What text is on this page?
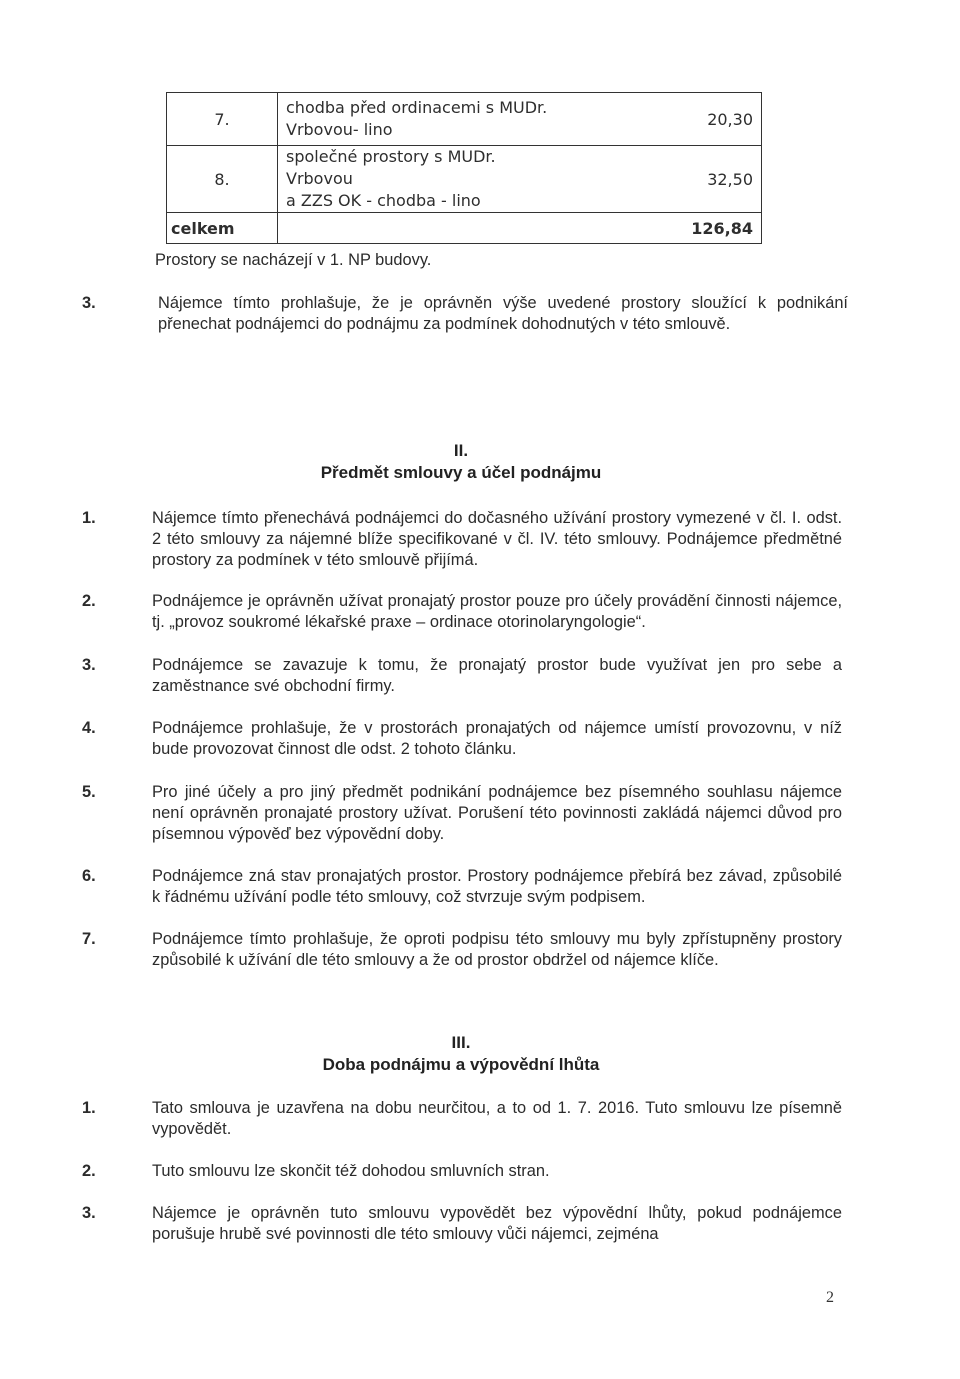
7.	chodba před ordinacemi s MUDr.
Vrbovou- lino	20,30
8.	společné prostory s MUDr. Vrbovou
a ZZS OK - chodba - lino	32,50
celkem		126,84
Prostory se nacházejí v 1. NP budovy.
3.	Nájemce tímto prohlašuje, že je oprávněn výše uvedené prostory sloužící k podnikání přenechat podnájemci do podnájmu za podmínek dohodnutých v této smlouvě.
II.
Předmět smlouvy a účel podnájmu
1.	Nájemce tímto přenechává podnájemci do dočasného užívání prostory vymezené v čl. I. odst. 2 této smlouvy za nájemné blíže specifikované v čl. IV. této smlouvy. Podnájemce předmětné prostory za podmínek v této smlouvě přijímá.
2.	Podnájemce je oprávněn užívat pronajatý prostor pouze pro účely provádění činnosti nájemce, tj. „provoz soukromé lékařské praxe – ordinace otorinolaryngologie“.
3.	Podnájemce se zavazuje k tomu, že pronajatý prostor bude využívat jen pro sebe a zaměstnance své obchodní firmy.
4.	Podnájemce prohlašuje, že v prostorách pronajatých od nájemce umístí provozovnu, v níž bude provozovat činnost dle odst. 2 tohoto článku.
5.	Pro jiné účely a pro jiný předmět podnikání podnájemce bez písemného souhlasu nájemce není oprávněn pronajaté prostory užívat. Porušení této povinnosti zakládá nájemci důvod pro písemnou výpověď bez výpovědní doby.
6.	Podnájemce zná stav pronajatých prostor. Prostory podnájemce přebírá bez závad, způsobilé k řádnému užívání podle této smlouvy, což stvrzuje svým podpisem.
7.	Podnájemce tímto prohlašuje, že oproti podpisu této smlouvy mu byly zpřístupněny prostory způsobilé k užívání dle této smlouvy a že od prostor obdržel od nájemce klíče.
III.
Doba podnájmu a výpovědní lhůta
1.	Tato smlouva je uzavřena na dobu neurčitou, a to od 1. 7. 2016. Tuto smlouvu lze písemně vypovědět.
2.	Tuto smlouvu lze skončit též dohodou smluvních stran.
3.	Nájemce je oprávněn tuto smlouvu vypovědět bez výpovědní lhůty, pokud podnájemce porušuje hrubě své povinnosti dle této smlouvy vůči nájemci, zejména
2
